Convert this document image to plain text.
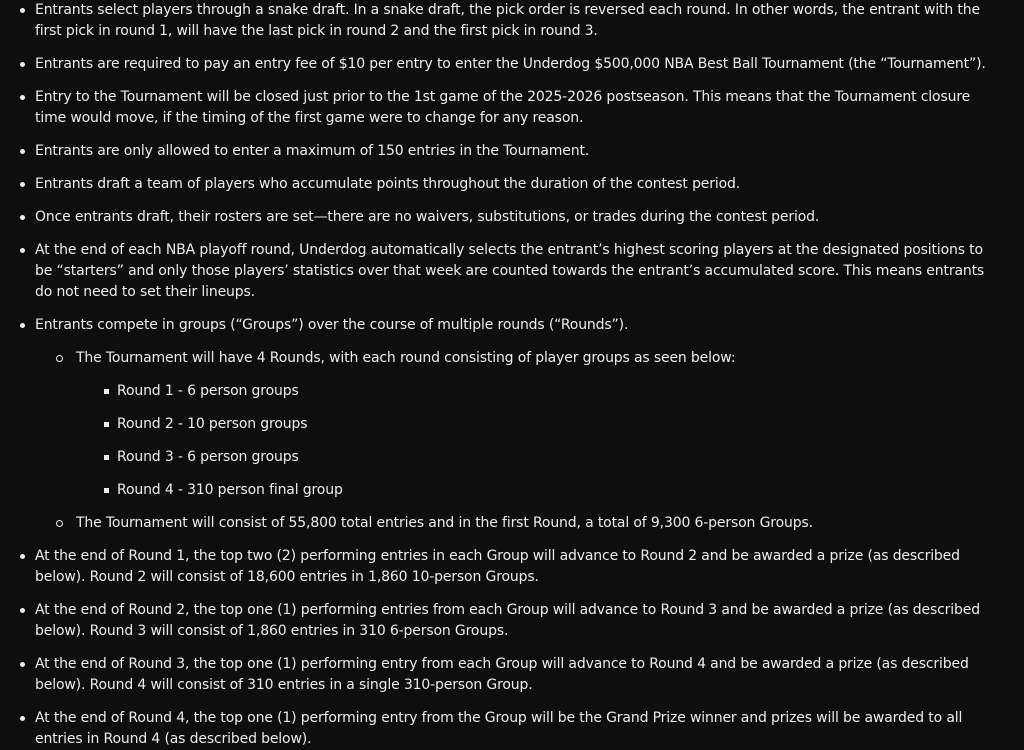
Entrants select players through a snake draft. In a snake draft, the pick order is reversed each round. In other words, the entrant with the first pick in round 1, will have the last pick in round 2 and the first pick in round 3.
Entrants are required to pay an entry fee of $10 per entry to enter the Underdog $500,000 NBA Best Ball Tournament (the “Tournament”).
Entry to the Tournament will be closed just prior to the 1st game of the 2025-2026 postseason. This means that the Tournament closure time would move, if the timing of the first game were to change for any reason.
Entrants are only allowed to enter a maximum of 150 entries in the Tournament.
Entrants draft a team of players who accumulate points throughout the duration of the contest period.
Once entrants draft, their rosters are set—there are no waivers, substitutions, or trades during the contest period.
At the end of each NBA playoff round, Underdog automatically selects the entrant’s highest scoring players at the designated positions to be “starters” and only those players’ statistics over that week are counted towards the entrant’s accumulated score. This means entrants do not need to set their lineups.
Entrants compete in groups (“Groups”) over the course of multiple rounds (“Rounds”).
The Tournament will have 4 Rounds, with each round consisting of player groups as seen below:
Round 1 - 6 person groups
Round 2 - 10 person groups
Round 3 - 6 person groups
Round 4 - 310 person final group
The Tournament will consist of 55,800 total entries and in the first Round, a total of 9,300 6-person Groups.
At the end of Round 1, the top two (2) performing entries in each Group will advance to Round 2 and be awarded a prize (as described below). Round 2 will consist of 18,600 entries in 1,860 10-person Groups.
At the end of Round 2, the top one (1) performing entries from each Group will advance to Round 3 and be awarded a prize (as described below). Round 3 will consist of 1,860 entries in 310 6-person Groups.
At the end of Round 3, the top one (1) performing entry from each Group will advance to Round 4 and be awarded a prize (as described below). Round 4 will consist of 310 entries in a single 310-person Group.
At the end of Round 4, the top one (1) performing entry from the Group will be the Grand Prize winner and prizes will be awarded to all entries in Round 4 (as described below).
